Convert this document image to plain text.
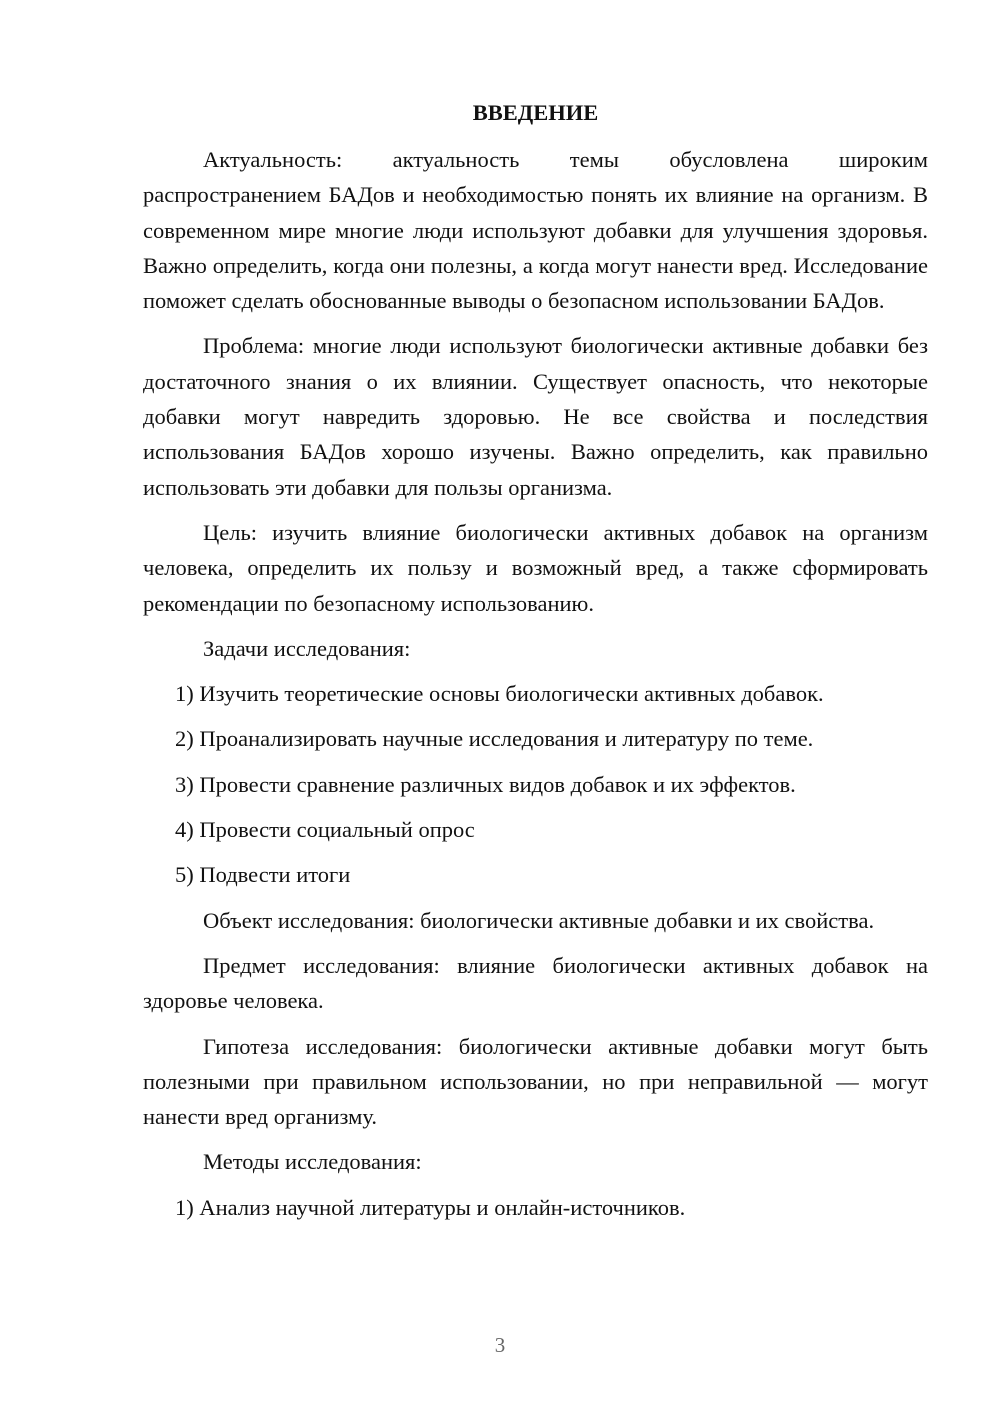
ВВЕДЕНИЕ

Актуальность: актуальность темы обусловлена широким распространением БАДов и необходимостью понять их влияние на организм. В современном мире многие люди используют добавки для улучшения здоровья. Важно определить, когда они полезны, а когда могут нанести вред. Исследование поможет сделать обоснованные выводы о безопасном использовании БАДов.

Проблема: многие люди используют биологически активные добавки без достаточного знания о их влиянии. Существует опасность, что некоторые добавки могут навредить здоровью. Не все свойства и последствия использования БАДов хорошо изучены. Важно определить, как правильно использовать эти добавки для пользы организма.

Цель: изучить влияние биологически активных добавок на организм человека, определить их пользу и возможный вред, а также сформировать рекомендации по безопасному использованию.

Задачи исследования:

1) Изучить теоретические основы биологически активных добавок.
2) Проанализировать научные исследования и литературу по теме.
3) Провести сравнение различных видов добавок и их эффектов.
4) Провести социальный опрос
5) Подвести итоги

Объект исследования: биологически активные добавки и их свойства.

Предмет исследования: влияние биологически активных добавок на здоровье человека.

Гипотеза исследования: биологически активные добавки могут быть полезными при правильном использовании, но при неправильной — могут нанести вред организму.

Методы исследования:

1) Анализ научной литературы и онлайн-источников.
3
